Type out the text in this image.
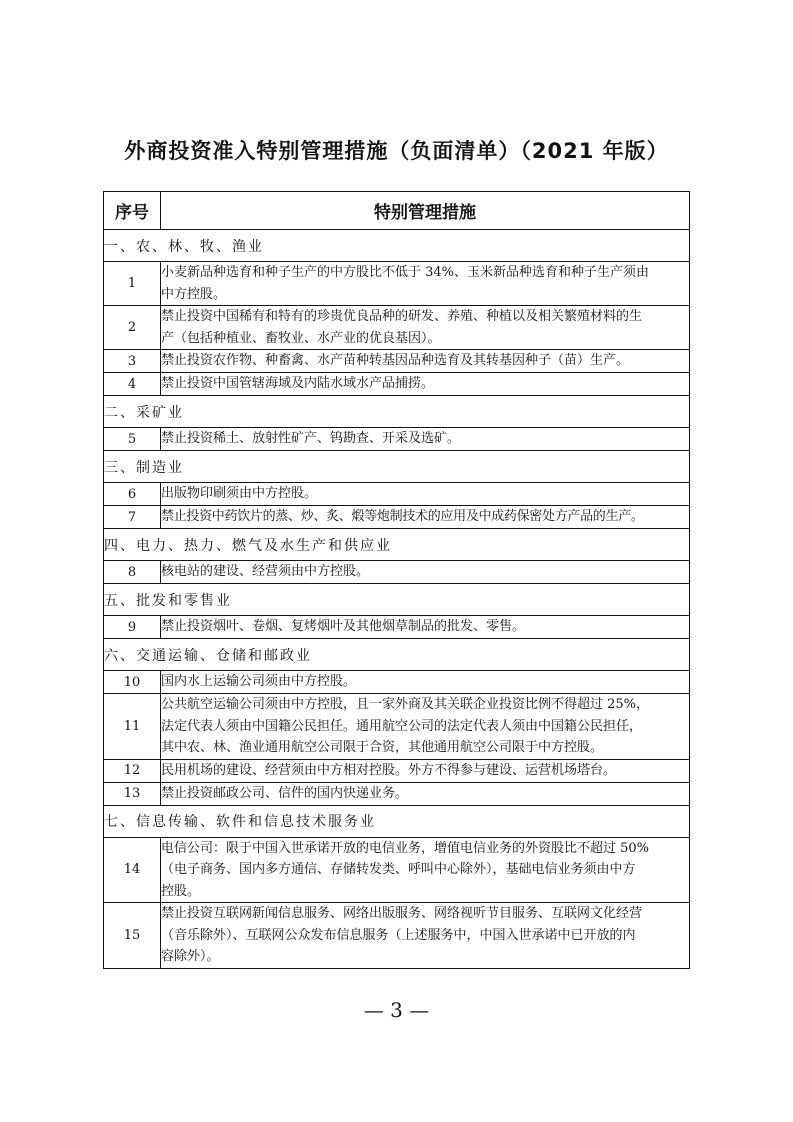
外商投资准入特别管理措施（负面清单）（2021 年版）
序号	特别管理措施
一、农、林、牧、渔业	
1	小麦新品种选育和种子生产的中方股比不低于 34%、玉米新品种选育和种子生产须由
中方控股。
2	禁止投资中国稀有和特有的珍贵优良品种的研发、养殖、种植以及相关繁殖材料的生
产（包括种植业、畜牧业、水产业的优良基因）。
3	禁止投资农作物、种畜禽、水产苗种转基因品种选育及其转基因种子（苗）生产。
4	禁止投资中国管辖海域及内陆水域水产品捕捞。
二、采矿业	
5	禁止投资稀土、放射性矿产、钨勘查、开采及选矿。
三、制造业	
6	出版物印刷须由中方控股。
7	禁止投资中药饮片的蒸、炒、炙、煅等炮制技术的应用及中成药保密处方产品的生产。
四、电力、热力、燃气及水生产和供应业	
8	核电站的建设、经营须由中方控股。
五、批发和零售业	
9	禁止投资烟叶、卷烟、复烤烟叶及其他烟草制品的批发、零售。
六、交通运输、仓储和邮政业	
10	国内水上运输公司须由中方控股。
11	公共航空运输公司须由中方控股，且一家外商及其关联企业投资比例不得超过 25%，
法定代表人须由中国籍公民担任。通用航空公司的法定代表人须由中国籍公民担任，
其中农、林、渔业通用航空公司限于合资，其他通用航空公司限于中方控股。
12	民用机场的建设、经营须由中方相对控股。外方不得参与建设、运营机场塔台。
13	禁止投资邮政公司、信件的国内快递业务。
七、信息传输、软件和信息技术服务业	
14	电信公司：限于中国入世承诺开放的电信业务，增值电信业务的外资股比不超过 50%
（电子商务、国内多方通信、存储转发类、呼叫中心除外），基础电信业务须由中方
控股。
15	禁止投资互联网新闻信息服务、网络出版服务、网络视听节目服务、互联网文化经营
（音乐除外）、互联网公众发布信息服务（上述服务中，中国入世承诺中已开放的内
容除外）。
— 3 —
